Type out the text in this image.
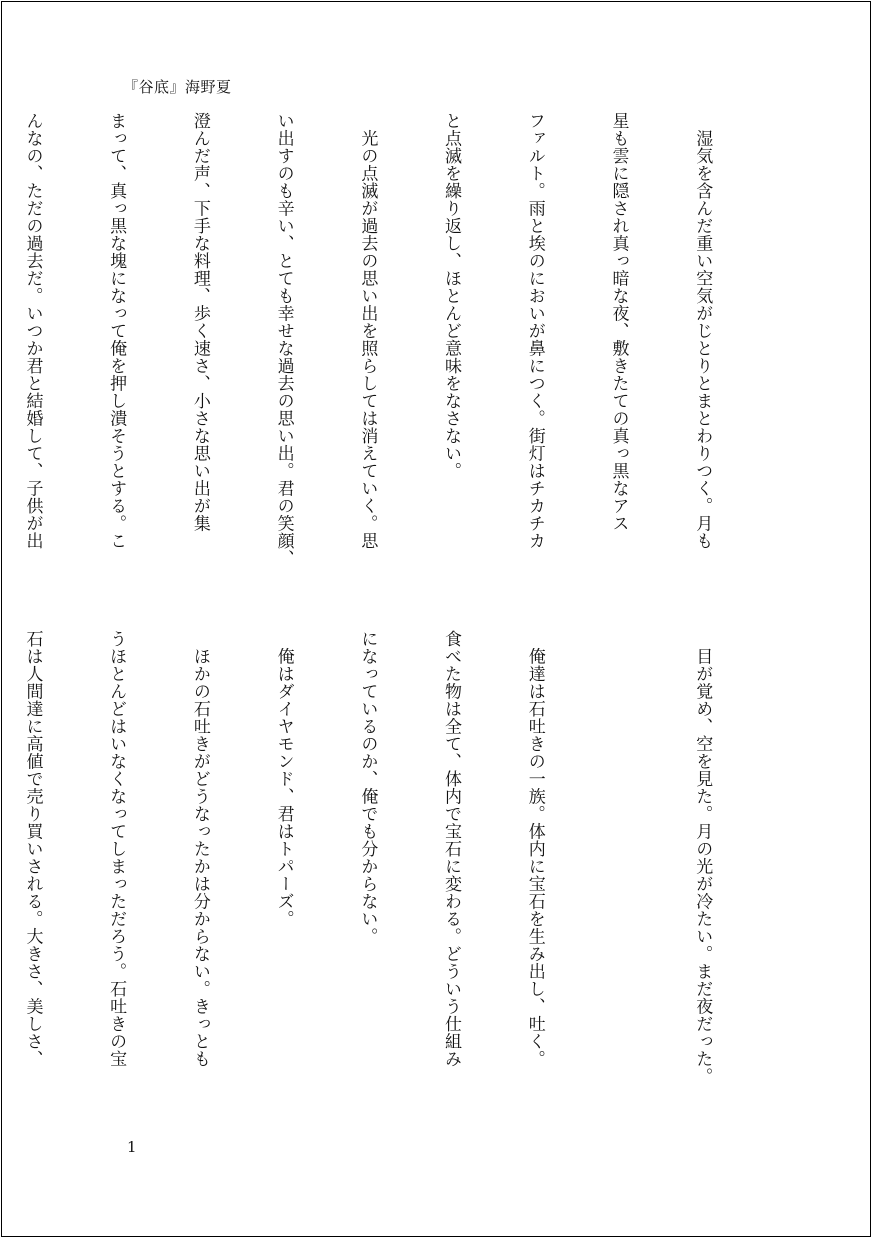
『谷底』海野夏

　湿気を含んだ重い空気がじとりとまとわりつく。月も

星も雲に隠され真っ暗な夜、敷きたての真っ黒なアス

ファルト。雨と埃のにおいが鼻につく。街灯はチカチカ

と点滅を繰り返し、ほとんど意味をなさない。

　光の点滅が過去の思い出を照らしては消えていく。思

い出すのも辛い、とても幸せな過去の思い出。君の笑顔、

澄んだ声、下手な料理、歩く速さ、小さな思い出が集

まって、真っ黒な塊になって俺を押し潰そうとする。こ

んなの、ただの過去だ。いつか君と結婚して、子供が出

　目が覚め、空を見た。月の光が冷たい。まだ夜だった。

　俺達は石吐きの一族。体内に宝石を生み出し、吐く。

食べた物は全て、体内で宝石に変わる。どういう仕組み

になっているのか、俺でも分からない。

　俺はダイヤモンド、君はトパーズ。

　ほかの石吐きがどうなったかは分からない。きっとも

うほとんどはいなくなってしまっただろう。石吐きの宝

石は人間達に高値で売り買いされる。大きさ、美しさ、

1
